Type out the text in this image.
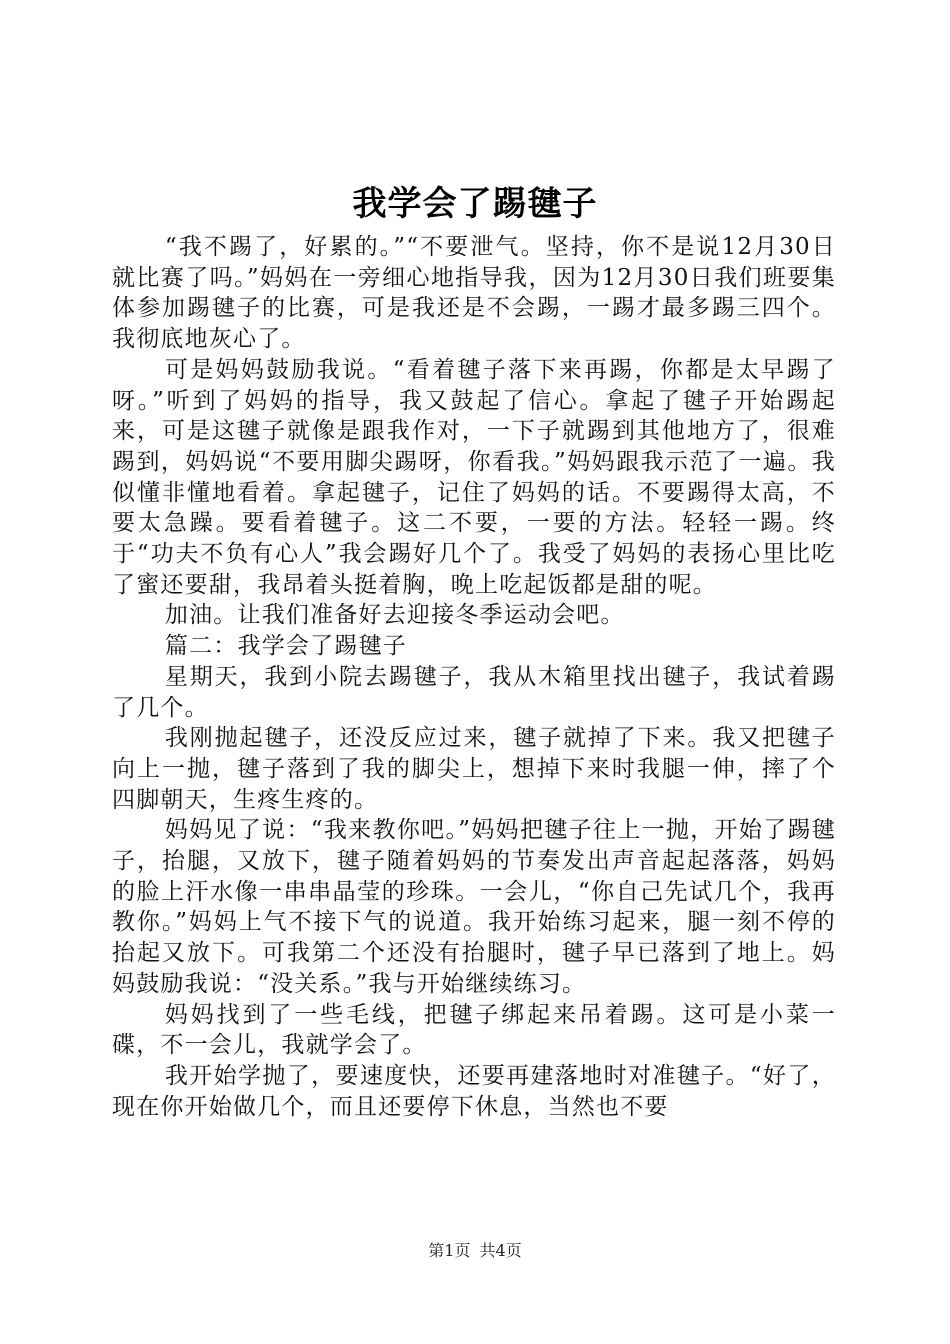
我学会了踢毽子

“我不踢了，好累的。”“不要泄气。坚持，你不是说12月30日就比赛了吗。”妈妈在一旁细心地指导我，因为12月30日我们班要集体参加踢毽子的比赛，可是我还是不会踢，一踢才最多踢三四个。我彻底地灰心了。

可是妈妈鼓励我说。“看着毽子落下来再踢，你都是太早踢了呀。”听到了妈妈的指导，我又鼓起了信心。拿起了毽子开始踢起来，可是这毽子就像是跟我作对，一下子就踢到其他地方了，很难踢到，妈妈说“不要用脚尖踢呀，你看我。”妈妈跟我示范了一遍。我似懂非懂地看着。拿起毽子，记住了妈妈的话。不要踢得太高，不要太急躁。要看着毽子。这二不要，一要的方法。轻轻一踢。终于“功夫不负有心人”我会踢好几个了。我受了妈妈的表扬心里比吃了蜜还要甜，我昂着头挺着胸，晚上吃起饭都是甜的呢。

加油。让我们准备好去迎接冬季运动会吧。

篇二：我学会了踢毽子

星期天，我到小院去踢毽子，我从木箱里找出毽子，我试着踢了几个。

我刚抛起毽子，还没反应过来，毽子就掉了下来。我又把毽子向上一抛，毽子落到了我的脚尖上，想掉下来时我腿一伸，摔了个四脚朝天，生疼生疼的。

妈妈见了说：“我来教你吧。”妈妈把毽子往上一抛，开始了踢毽子，抬腿，又放下，毽子随着妈妈的节奏发出声音起起落落，妈妈的脸上汗水像一串串晶莹的珍珠。一会儿，“你自己先试几个，我再教你。”妈妈上气不接下气的说道。我开始练习起来，腿一刻不停的抬起又放下。可我第二个还没有抬腿时，毽子早已落到了地上。妈妈鼓励我说：“没关系。”我与开始继续练习。

妈妈找到了一些毛线，把毽子绑起来吊着踢。这可是小菜一碟，不一会儿，我就学会了。

我开始学抛了，要速度快，还要再建落地时对准毽子。“好了，现在你开始做几个，而且还要停下休息，当然也不要

第1页 共4页
